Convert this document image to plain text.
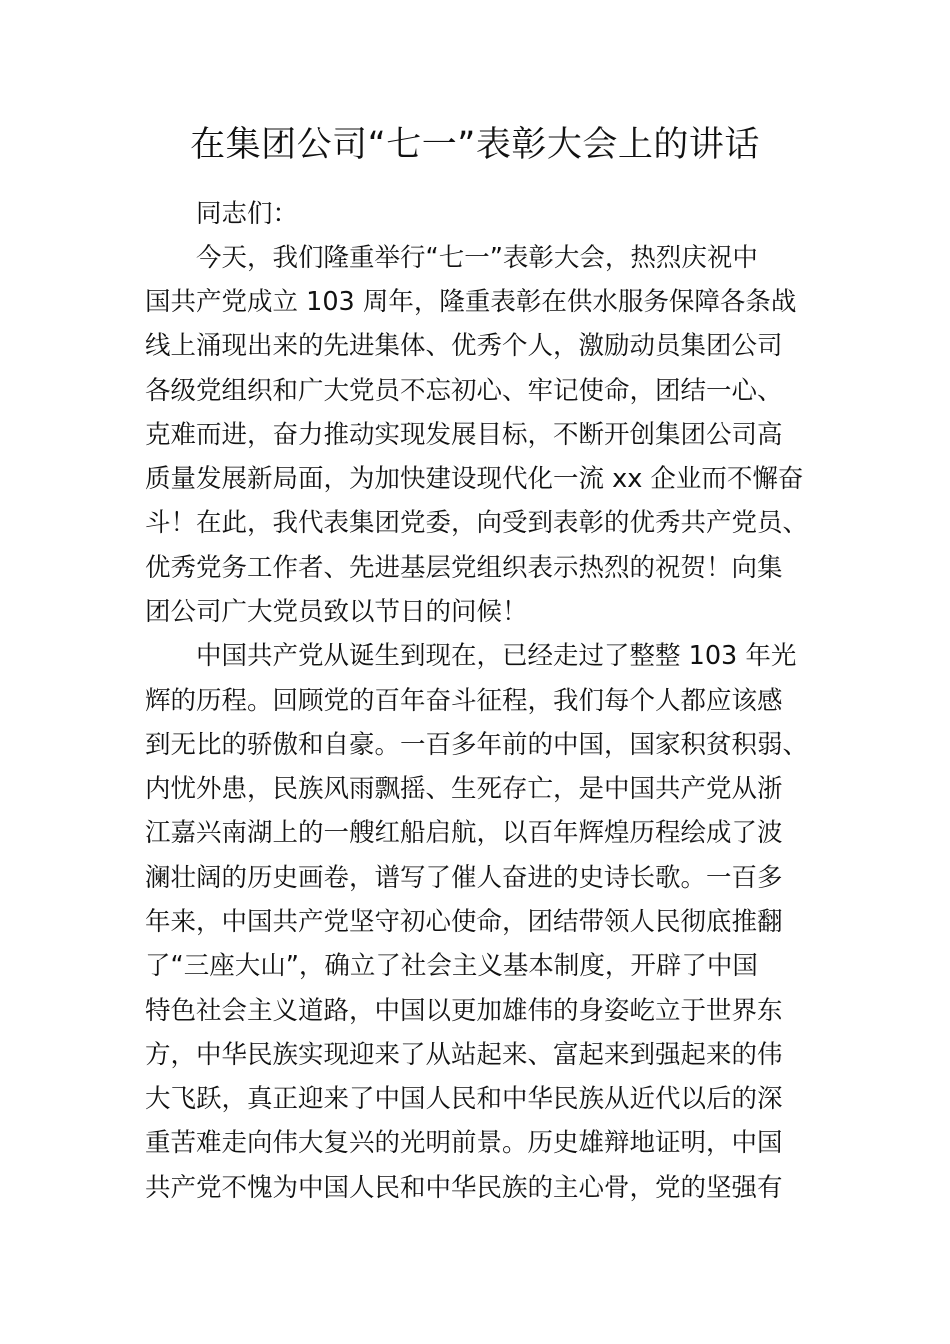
在集团公司“七一”表彰大会上的讲话

同志们：

今天，我们隆重举行“七一”表彰大会，热烈庆祝中

国共产党成立 103 周年，隆重表彰在供水服务保障各条战

线上涌现出来的先进集体、优秀个人，激励动员集团公司

各级党组织和广大党员不忘初心、牢记使命，团结一心、

克难而进，奋力推动实现发展目标，不断开创集团公司高

质量发展新局面，为加快建设现代化一流 xx 企业而不懈奋

斗！在此，我代表集团党委，向受到表彰的优秀共产党员、

优秀党务工作者、先进基层党组织表示热烈的祝贺！向集

团公司广大党员致以节日的问候！

中国共产党从诞生到现在，已经走过了整整 103 年光

辉的历程。回顾党的百年奋斗征程，我们每个人都应该感

到无比的骄傲和自豪。一百多年前的中国，国家积贫积弱、

内忧外患，民族风雨飘摇、生死存亡，是中国共产党从浙

江嘉兴南湖上的一艘红船启航，以百年辉煌历程绘成了波

澜壮阔的历史画卷，谱写了催人奋进的史诗长歌。一百多

年来，中国共产党坚守初心使命，团结带领人民彻底推翻

了“三座大山”，确立了社会主义基本制度，开辟了中国

特色社会主义道路，中国以更加雄伟的身姿屹立于世界东

方，中华民族实现迎来了从站起来、富起来到强起来的伟

大飞跃，真正迎来了中国人民和中华民族从近代以后的深

重苦难走向伟大复兴的光明前景。历史雄辩地证明，中国

共产党不愧为中国人民和中华民族的主心骨，党的坚强有
